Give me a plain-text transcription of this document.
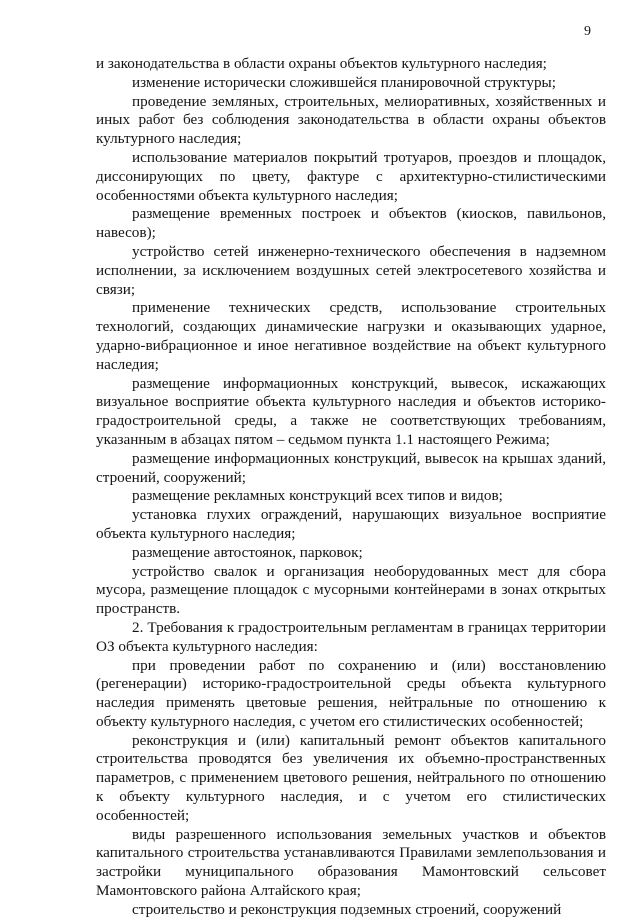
9

и законодательства в области охраны объектов культурного наследия;

изменение исторически сложившейся планировочной структуры;

проведение земляных, строительных, мелиоративных, хозяйственных и иных работ без соблюдения законодательства в области охраны объектов культурного наследия;

использование материалов покрытий тротуаров, проездов и площадок, диссонирующих по цвету, фактуре с архитектурно-стилистическими особенностями объекта культурного наследия;

размещение временных построек и объектов (киосков, павильонов, навесов);

устройство сетей инженерно-технического обеспечения в надземном исполнении, за исключением воздушных сетей электросетевого хозяйства и связи;

применение технических средств, использование строительных технологий, создающих динамические нагрузки и оказывающих ударное, ударно-вибрационное и иное негативное воздействие на объект культурного наследия;

размещение информационных конструкций, вывесок, искажающих визуальное восприятие объекта культурного наследия и объектов историко-градостроительной среды, а также не соответствующих требованиям, указанным в абзацах пятом – седьмом пункта 1.1 настоящего Режима;

размещение информационных конструкций, вывесок на крышах зданий, строений, сооружений;

размещение рекламных конструкций всех типов и видов;

установка глухих ограждений, нарушающих визуальное восприятие объекта культурного наследия;

размещение автостоянок, парковок;

устройство свалок и организация необорудованных мест для сбора мусора, размещение площадок с мусорными контейнерами в зонах открытых пространств.

2. Требования к градостроительным регламентам в границах территории ОЗ объекта культурного наследия:

при проведении работ по сохранению и (или) восстановлению (регенерации) историко-градостроительной среды объекта культурного наследия применять цветовые решения, нейтральные по отношению к объекту культурного наследия, с учетом его стилистических особенностей;

реконструкция и (или) капитальный ремонт объектов капитального строительства проводятся без увеличения их объемно-пространственных параметров, с применением цветового решения, нейтрального по отношению к объекту культурного наследия, и с учетом его стилистических особенностей;

виды разрешенного использования земельных участков и объектов капитального строительства устанавливаются Правилами землепользования и застройки муниципального образования Мамонтовский сельсовет Мамонтовского района Алтайского края;

строительство и реконструкция подземных строений, сооружений
